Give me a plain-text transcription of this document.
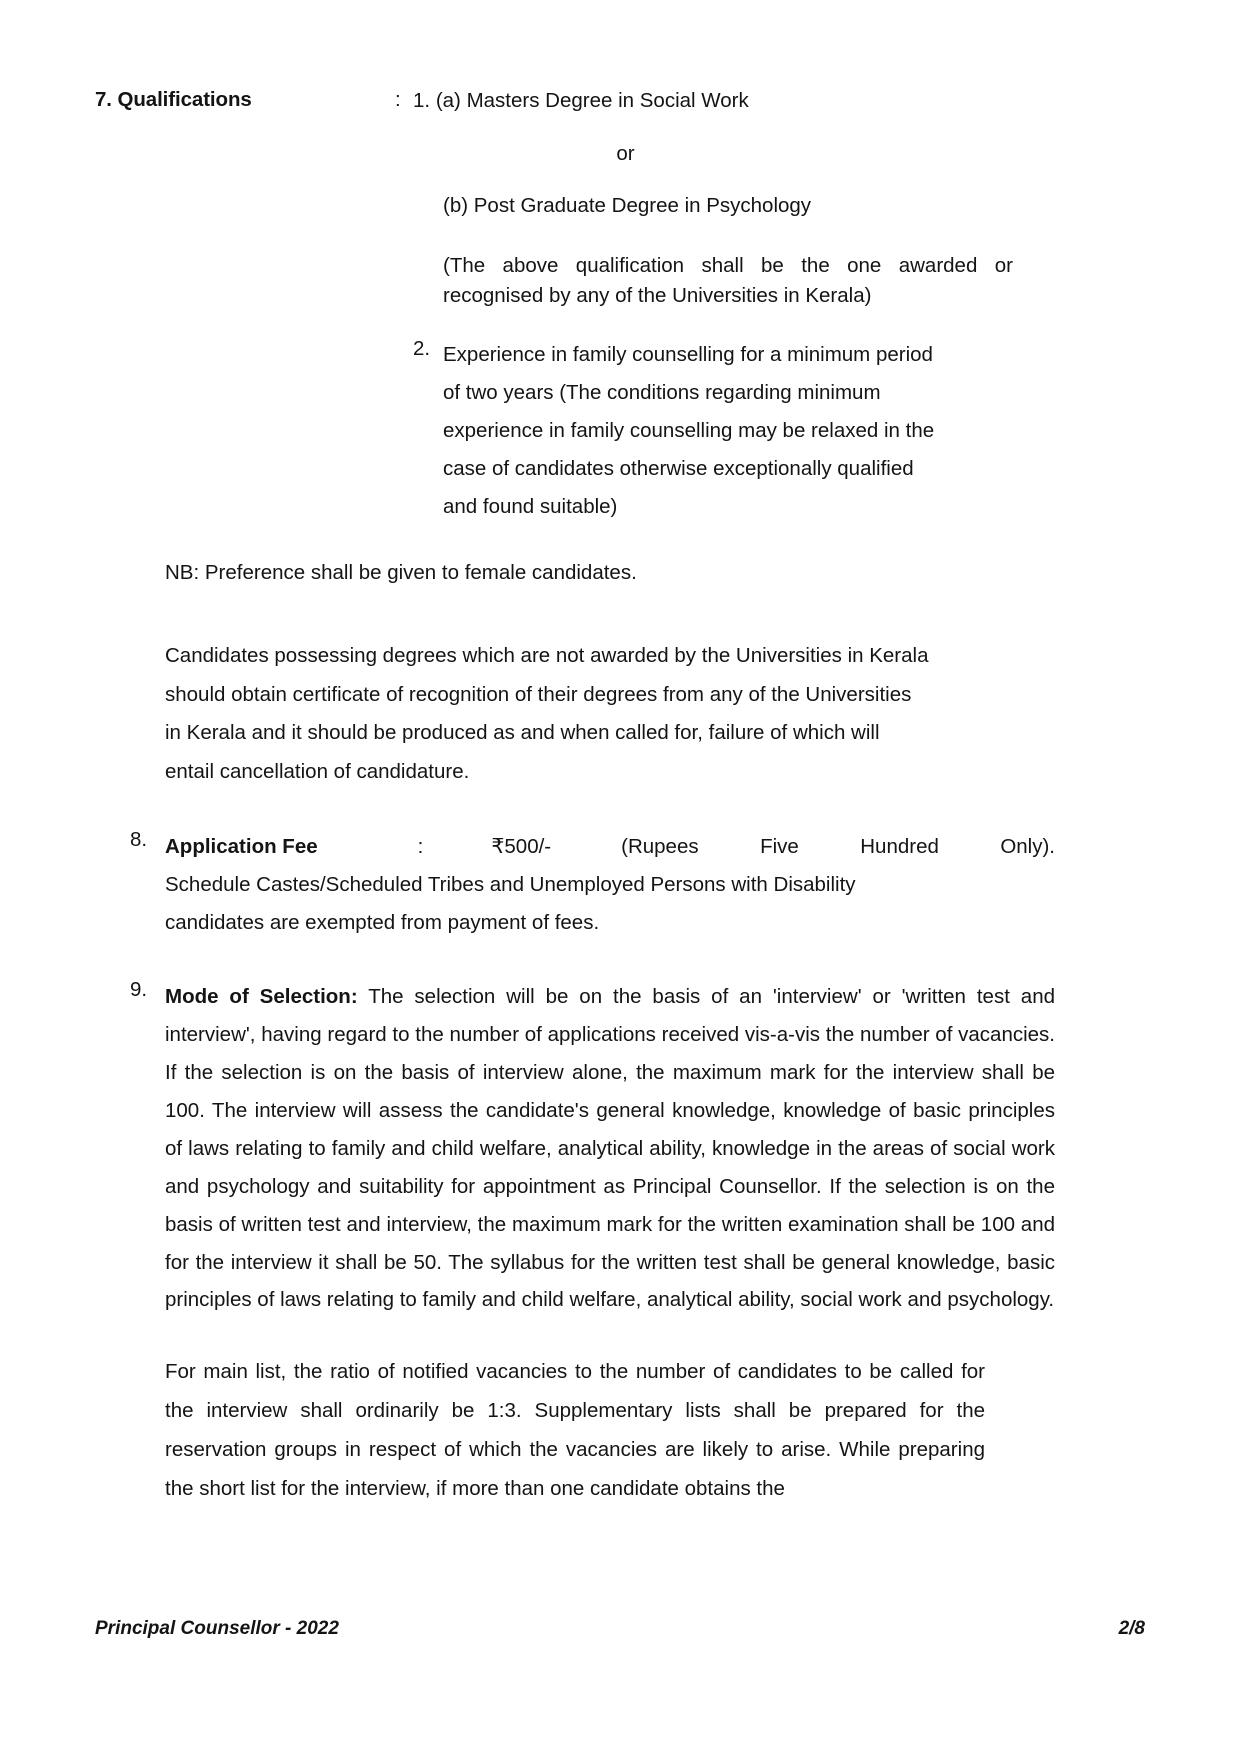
7. Qualifications	: 1. (a) Masters Degree in Social Work
or
(b) Post Graduate Degree in Psychology
(The above qualification shall be the one awarded or recognised by any of the Universities in Kerala)
2. Experience in family counselling for a minimum period

of two years (The conditions regarding minimum

experience in family counselling may be relaxed in the

case of candidates otherwise exceptionally qualified

and found suitable)

NB: Preference shall be given to female candidates.
Candidates possessing degrees which are not awarded by the Universities in Kerala
should obtain certificate of recognition of their degrees from any of the Universities
in Kerala and it should be produced as and when called for, failure of which will
entail cancellation of candidature.
8. Application Fee	:	₹500/-	(Rupees	Five	Hundred	Only).

Schedule Castes/Scheduled Tribes and Unemployed Persons with Disability

candidates are exempted from payment of fees.

9. Mode of Selection: The selection will be on the basis of an 'interview' or 'written test and interview', having regard to the number of applications received vis-a-vis the number of vacancies. If the selection is on the basis of interview alone, the maximum mark for the interview shall be 100. The interview will assess the candidate's general knowledge, knowledge of basic principles of laws relating to family and child welfare, analytical ability, knowledge in the areas of social work and psychology and suitability for appointment as Principal Counsellor. If the selection is on the basis of written test and interview, the maximum mark for the written examination shall be 100 and for the interview it shall be 50. The syllabus for the written test shall be general knowledge, basic principles of laws relating to family and child welfare, analytical ability, social work and psychology.

For main list, the ratio of notified vacancies to the number of candidates to be called for the interview shall ordinarily be 1:3. Supplementary lists shall be prepared for the reservation groups in respect of which the vacancies are likely to arise. While preparing the short list for the interview, if more than one candidate obtains the
Principal Counsellor - 2022	2/8
